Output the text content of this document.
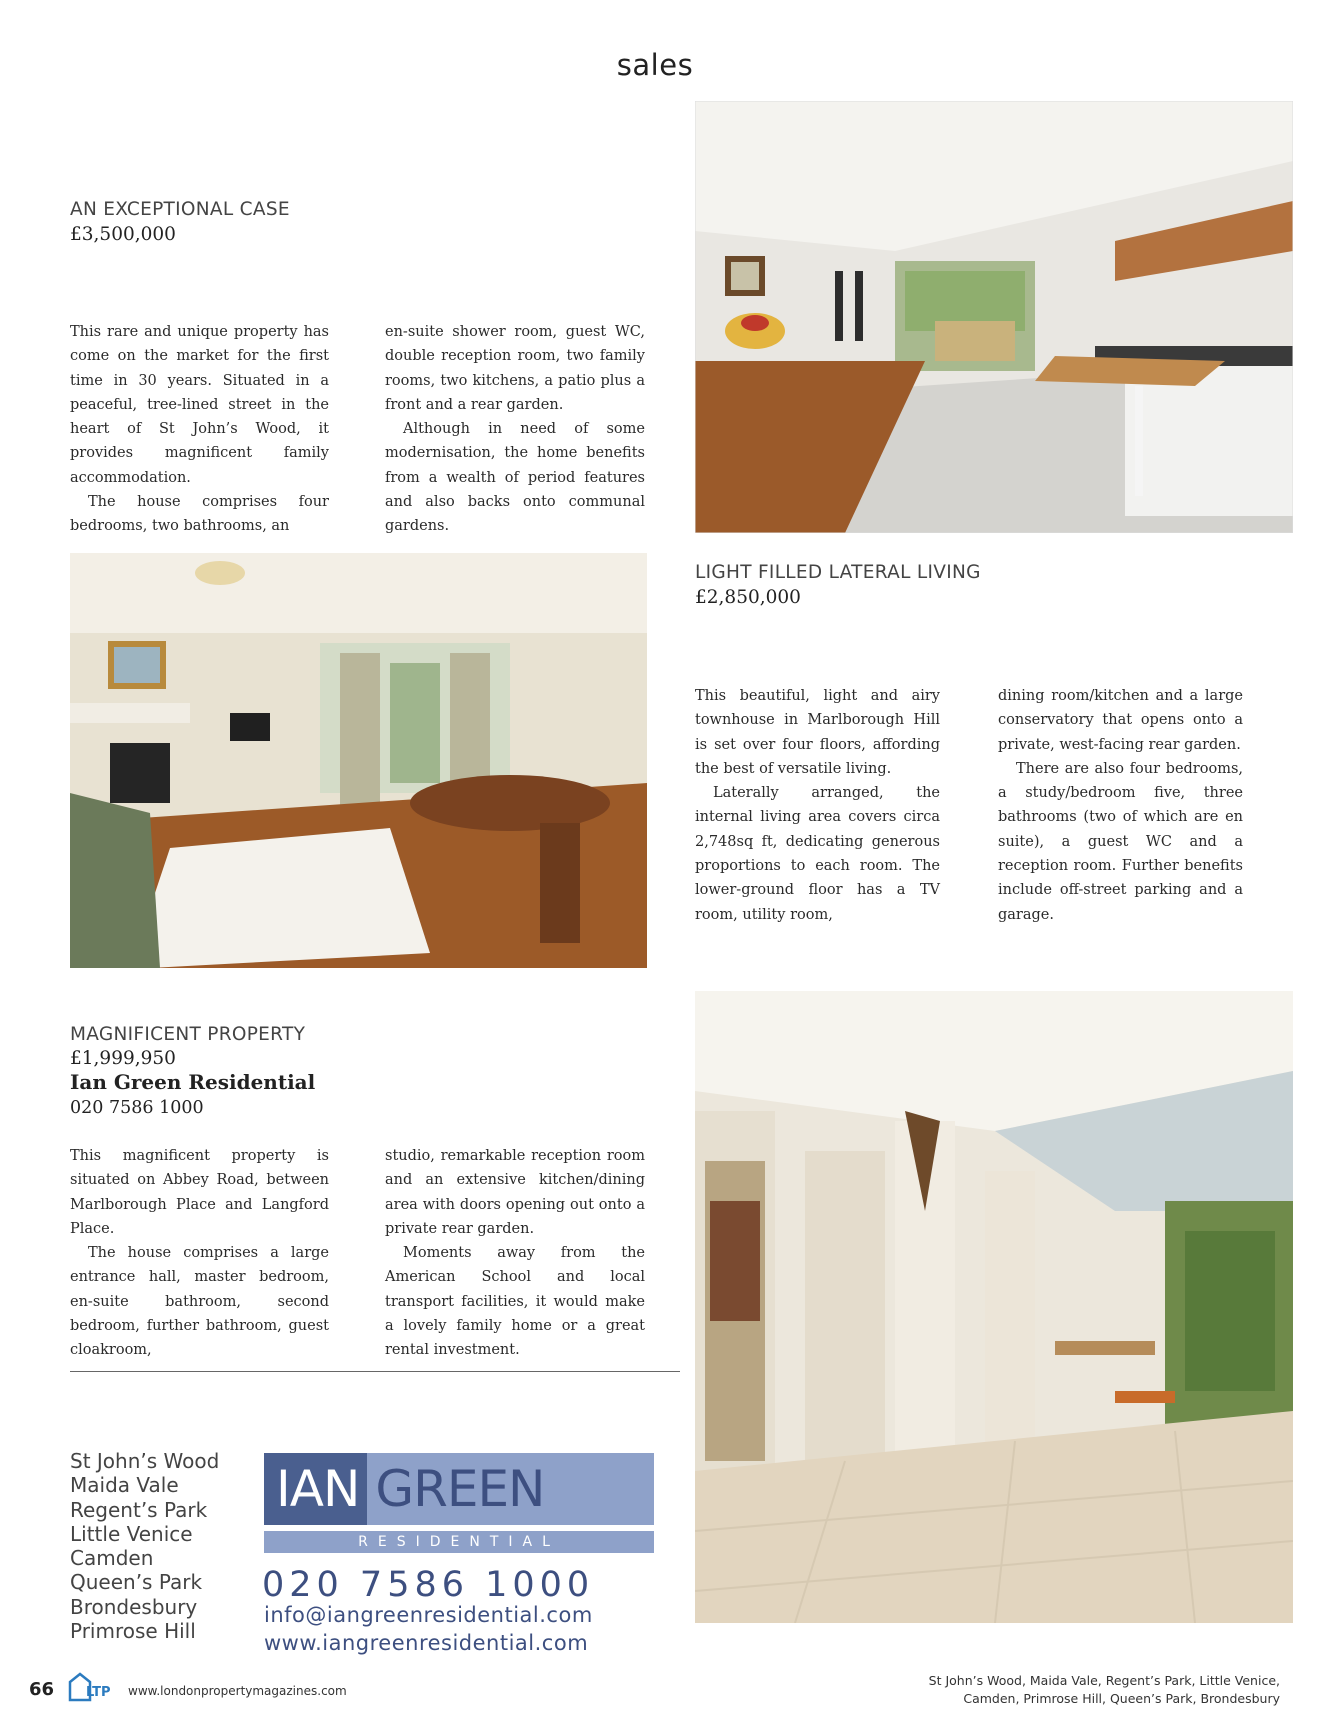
sales
AN EXCEPTIONAL CASE
£3,500,000

This rare and unique property has come on the market for the first time in 30 years. Situated in a peaceful, tree-lined street in the heart of St John’s Wood, it provides magnificent family accommodation.

The house comprises four bedrooms, two bathrooms, an

en-suite shower room, guest WC, double reception room, two family rooms, two kitchens, a patio plus a front and a rear garden.

Although in need of some modernisation, the home benefits from a wealth of period features and also backs onto communal gardens.

LIGHT FILLED LATERAL LIVING
£2,850,000

This beautiful, light and airy townhouse in Marlborough Hill is set over four floors, affording the best of versatile living.

Laterally arranged, the internal living area covers circa 2,748sq ft, dedicating generous proportions to each room. The lower-ground floor has a TV room, utility room,

dining room/kitchen and a large conservatory that opens onto a private, west-facing rear garden.

There are also four bedrooms, a study/bedroom five, three bathrooms (two of which are en suite), a guest WC and a reception room. Further benefits include off-street parking and a garage.

MAGNIFICENT PROPERTY
£1,999,950
Ian Green Residential
020 7586 1000

This magnificent property is situated on Abbey Road, between Marlborough Place and Langford Place.

The house comprises a large entrance hall, master bedroom, en-suite bathroom, second bedroom, further bathroom, guest cloakroom,

studio, remarkable reception room and an extensive kitchen/dining area with doors opening out onto a private rear garden.

Moments away from the American School and local transport facilities, it would make a lovely family home or a great rental investment.

St John’s Wood
Maida Vale
Regent’s Park
Little Venice
Camden
Queen’s Park
Brondesbury
Primrose Hill
IAN GREEN
RESIDENTIAL
020 7586 1000
info@iangreenresidential.com
www.iangreenresidential.com
66 LTP www.londonpropertymagazines.com
St John’s Wood, Maida Vale, Regent’s Park, Little Venice,
Camden, Primrose Hill, Queen’s Park, Brondesbury
